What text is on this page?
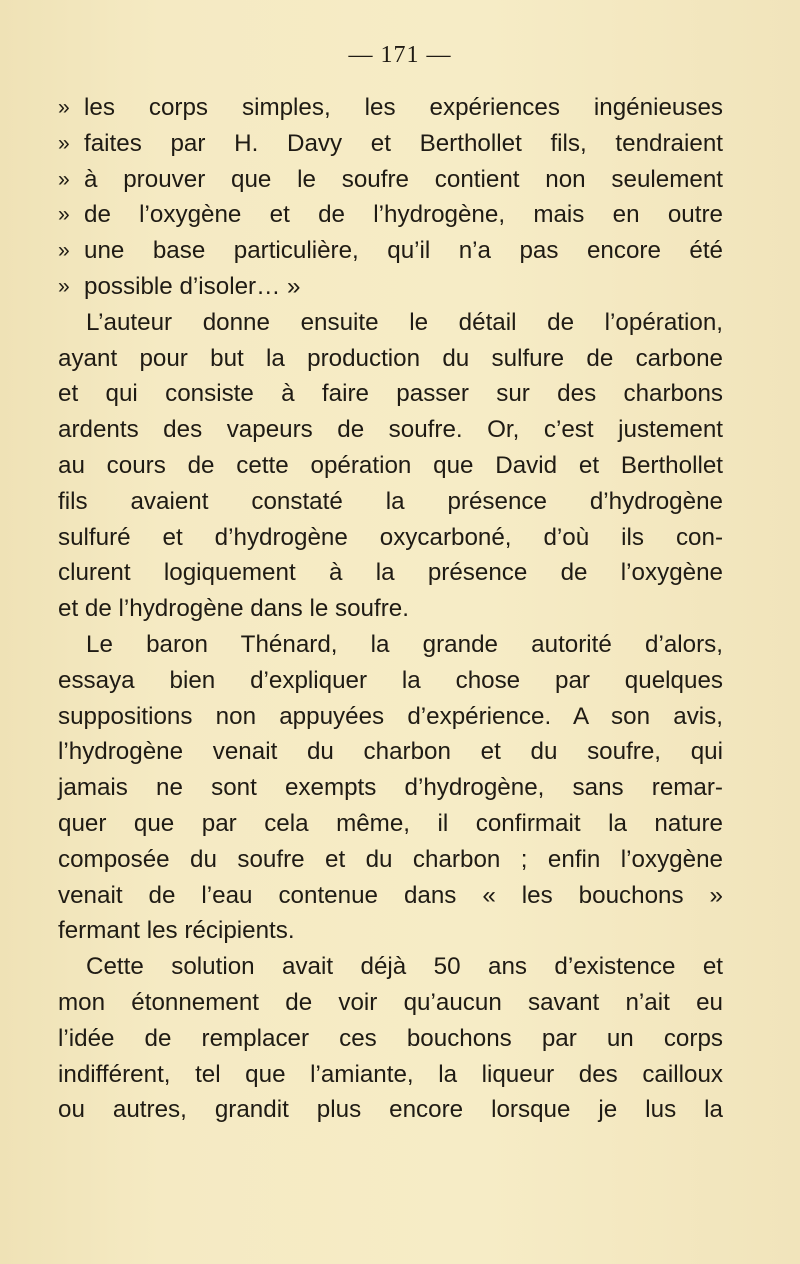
— 171 —
» les corps simples, les expériences ingénieuses
» faites par H. Davy et Berthollet fils, tendraient
» à prouver que le soufre contient non seulement
» de l’oxygène et de l’hydrogène, mais en outre
» une base particulière, qu’il n’a pas encore été
» possible d’isoler… »
L’auteur donne ensuite le détail de l’opération,
ayant pour but la production du sulfure de carbone
et qui consiste à faire passer sur des charbons
ardents des vapeurs de soufre. Or, c’est justement
au cours de cette opération que David et Berthollet
fils avaient constaté la présence d’hydrogène
sulfuré et d’hydrogène oxycarboné, d’où ils con-
clurent logiquement à la présence de l’oxygène
et de l’hydrogène dans le soufre.
Le baron Thénard, la grande autorité d’alors,
essaya bien d’expliquer la chose par quelques
suppositions non appuyées d’expérience. A son avis,
l’hydrogène venait du charbon et du soufre, qui
jamais ne sont exempts d’hydrogène, sans remar-
quer que par cela même, il confirmait la nature
composée du soufre et du charbon ; enfin l’oxygène
venait de l’eau contenue dans « les bouchons »
fermant les récipients.
Cette solution avait déjà 50 ans d’existence et
mon étonnement de voir qu’aucun savant n’ait eu
l’idée de remplacer ces bouchons par un corps
indifférent, tel que l’amiante, la liqueur des cailloux
ou autres, grandit plus encore lorsque je lus la
